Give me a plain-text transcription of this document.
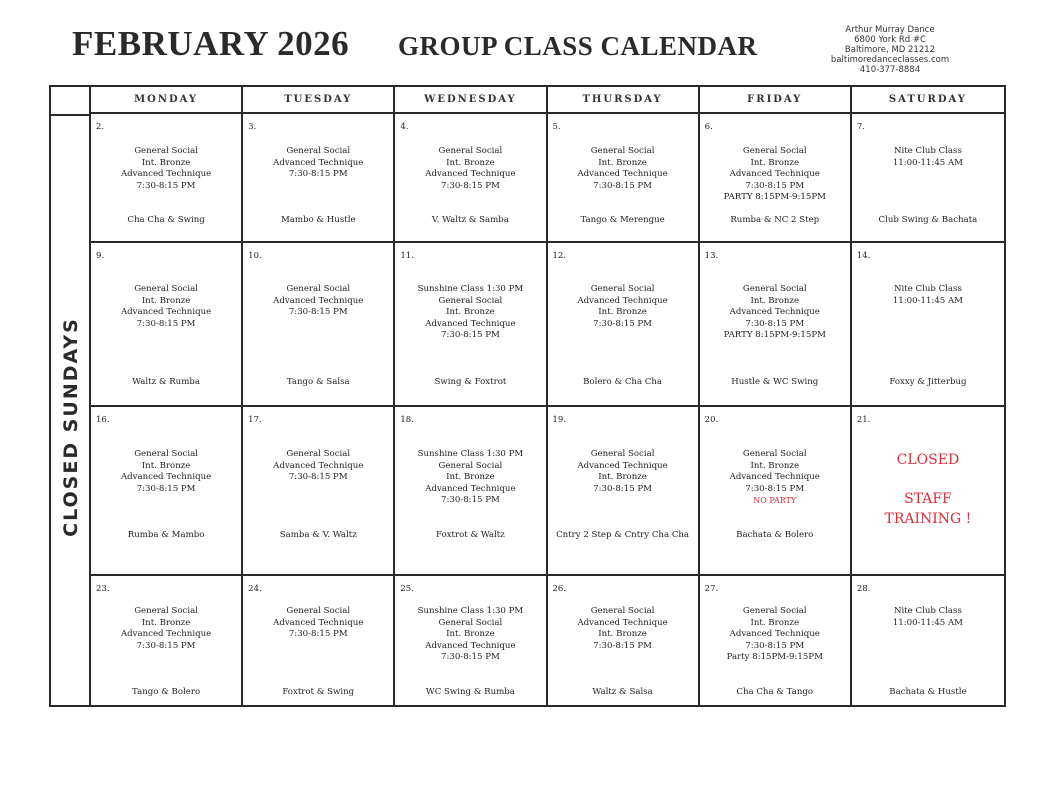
FEBRUARY 2026 GROUP CLASS CALENDAR
Arthur Murray Dance
6800 York Rd #C
Baltimore, MD 21212
baltimoredanceclasses.com
410-377-8884
CLOSED SUNDAYS
MONDAY	TUESDAY	WEDNESDAY	THURSDAY	FRIDAY	SATURDAY
2.
General Social
Int. Bronze
Advanced Technique
7:30-8:15 PM
Cha Cha & Swing
3.
General Social
Advanced Technique
7:30-8:15 PM
Mambo & Hustle
4.
General Social
Int. Bronze
Advanced Technique
7:30-8:15 PM
V. Waltz & Samba
5.
General Social
Int. Bronze
Advanced Technique
7:30-8:15 PM
Tango & Merengue
6.
General Social
Int. Bronze
Advanced Technique
7:30-8:15 PM
PARTY 8:15PM-9:15PM
Rumba & NC 2 Step
7.
Nite Club Class
11:00-11:45 AM
Club Swing & Bachata
9.
General Social
Int. Bronze
Advanced Technique
7:30-8:15 PM
Waltz & Rumba
10.
General Social
Advanced Technique
7:30-8:15 PM
Tango & Salsa
11.
Sunshine Class 1:30 PM
General Social
Int. Bronze
Advanced Technique
7:30-8:15 PM
Swing & Foxtrot
12.
General Social
Advanced Technique
Int. Bronze
7:30-8:15 PM
Bolero & Cha Cha
13.
General Social
Int. Bronze
Advanced Technique
7:30-8:15 PM
PARTY 8:15PM-9:15PM
Hustle & WC Swing
14.
Nite Club Class
11:00-11:45 AM
Foxxy & Jitterbug
16.
General Social
Int. Bronze
Advanced Technique
7:30-8:15 PM
Rumba & Mambo
17.
General Social
Advanced Technique
7:30-8:15 PM
Samba & V. Waltz
18.
Sunshine Class 1:30 PM
General Social
Int. Bronze
Advanced Technique
7:30-8:15 PM
Foxtrot & Waltz
19.
General Social
Advanced Technique
Int. Bronze
7:30-8:15 PM
Cntry 2 Step & Cntry Cha Cha
20.
General Social
Int. Bronze
Advanced Technique
7:30-8:15 PM
NO PARTY
Bachata & Bolero
21.
CLOSED

STAFF
TRAINING !
23.
General Social
Int. Bronze
Advanced Technique
7:30-8:15 PM
Tango & Bolero
24.
General Social
Advanced Technique
7:30-8:15 PM
Foxtrot & Swing
25.
Sunshine Class 1:30 PM
General Social
Int. Bronze
Advanced Technique
7:30-8:15 PM
WC Swing & Rumba
26.
General Social
Advanced Technique
Int. Bronze
7:30-8:15 PM
Waltz & Salsa
27.
General Social
Int. Bronze
Advanced Technique
7:30-8:15 PM
Party 8:15PM-9:15PM
Cha Cha & Tango
28.
Nite Club Class
11:00-11:45 AM
Bachata & Hustle
